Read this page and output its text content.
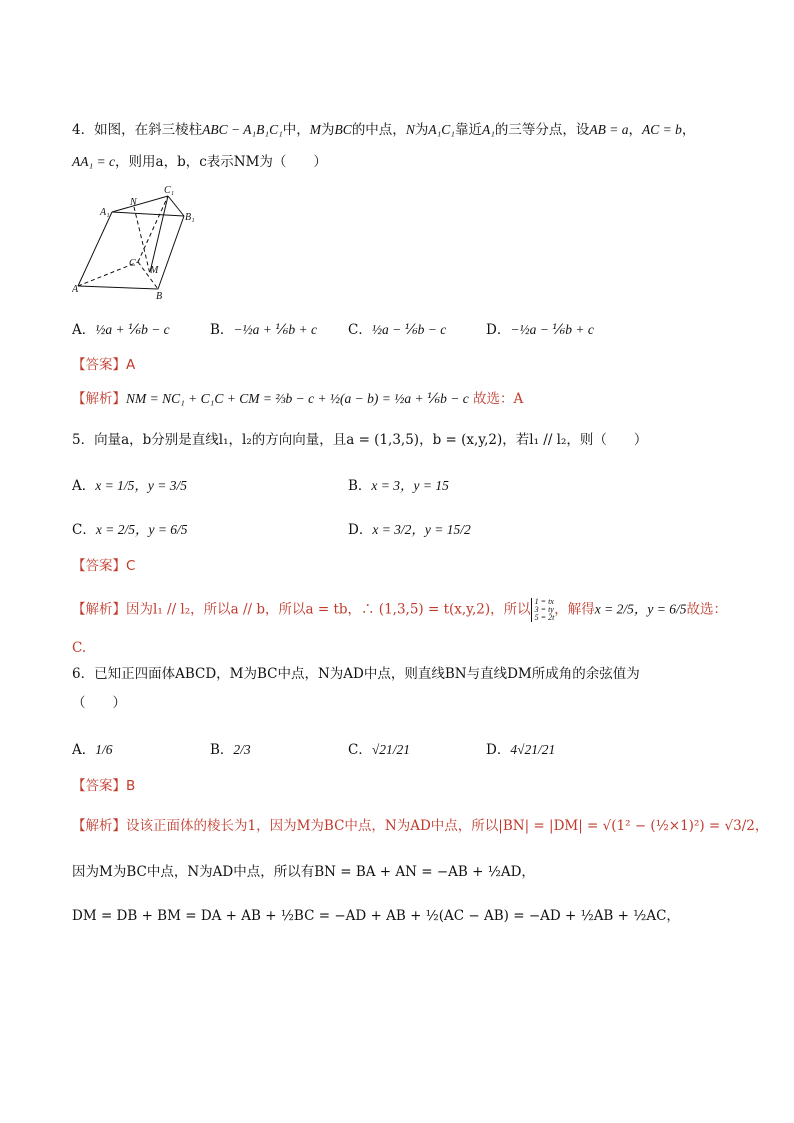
4．如图，在斜三棱柱ABC − A₁B₁C₁中，M为BC的中点，N为A₁C₁靠近A₁的三等分点，设AB = a，AC = b，
AA₁ = c，则用a，b，c表示NM为（　　）
A₁
N
C₁
B₁
C
M
A
B
A．½a + ⅙b − c	B．−½a + ⅙b + c C．½a − ⅙b − c	D．−½a − ⅙b + c
【答案】A
【解析】NM = NC₁ + C₁C + CM = ⅔b − c + ½(a − b) = ½a + ⅙b − c 故选：A
5．向量a，b分别是直线l₁，l₂的方向向量，且a = (1,3,5)，b = (x,y,2)，若l₁ // l₂，则（　　）
A．x = 1/5，y = 3/5	B．x = 3，y = 15
C．x = 2/5，y = 6/5	D．x = 3/2，y = 15/2
【答案】C
【解析】因为l₁ // l₂，所以a // b，所以a = tb，∴ (1,3,5) = t(x,y,2)，所以 1 = tx
3 = ty
5 = 2t ，解得x = 2/5，y = 6/5故选：
C.
6．已知正四面体ABCD，M为BC中点，N为AD中点，则直线BN与直线DM所成角的余弦值为
（　　）
A．1/6	B．2/3	C．√21/21	D．4√21/21
【答案】B
【解析】设该正面体的棱长为1，因为M为BC中点，N为AD中点，所以|BN| = |DM| = √(1² − (½×1)²) = √3/2，
因为M为BC中点，N为AD中点，所以有BN = BA + AN = −AB + ½AD，
DM = DB + BM = DA + AB + ½BC = −AD + AB + ½(AC − AB) = −AD + ½AB + ½AC，
